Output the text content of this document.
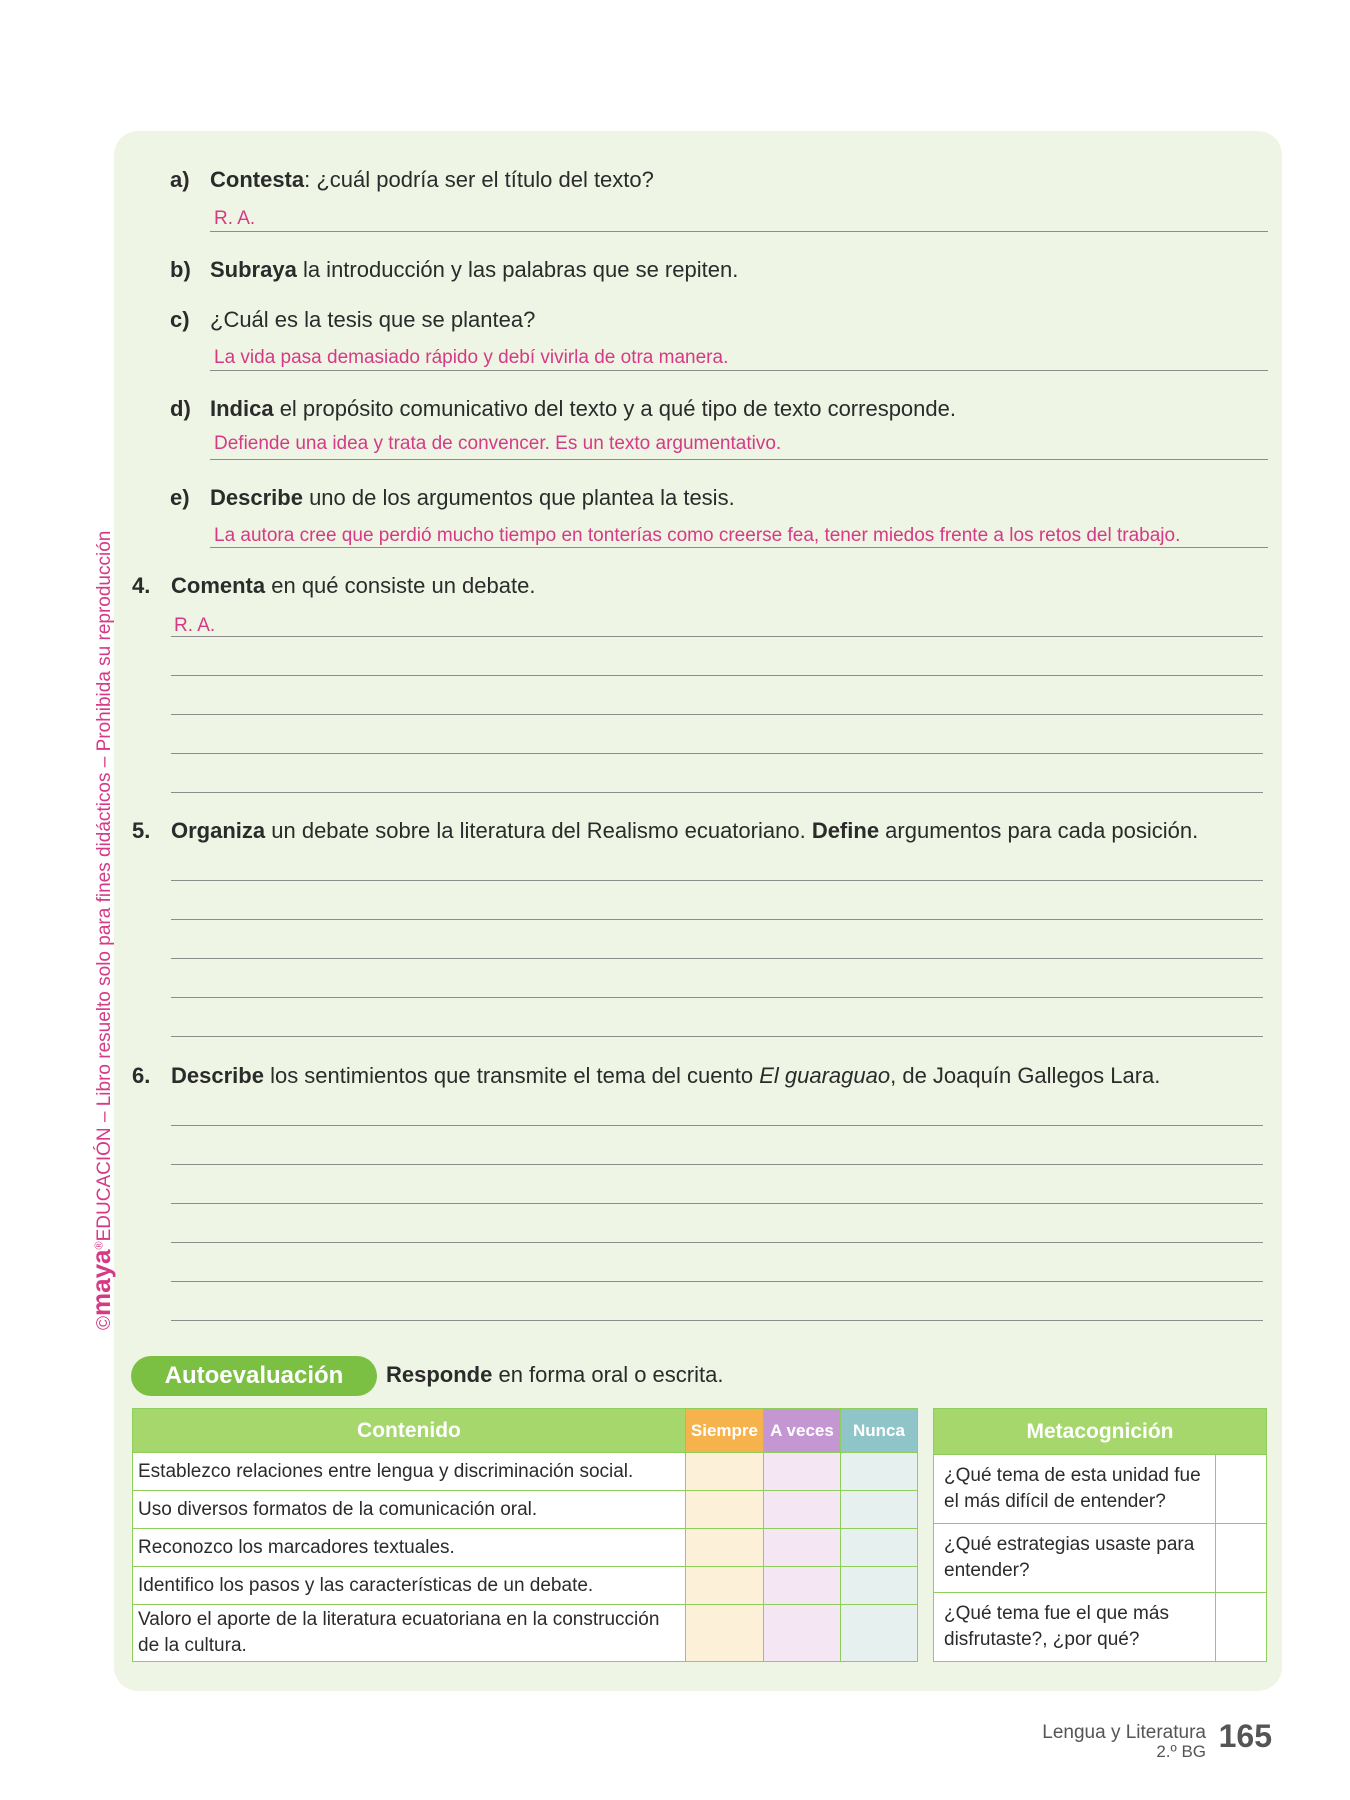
©maya®EDUCACIÓN – Libro resuelto solo para fines didácticos – Prohibida su reproducción
a) Contesta: ¿cuál podría ser el título del texto?
R. A.
b) Subraya la introducción y las palabras que se repiten.
c) ¿Cuál es la tesis que se plantea?
La vida pasa demasiado rápido y debí vivirla de otra manera.
d) Indica el propósito comunicativo del texto y a qué tipo de texto corresponde.
Defiende una idea y trata de convencer. Es un texto argumentativo.
e) Describe uno de los argumentos que plantea la tesis.
La autora cree que perdió mucho tiempo en tonterías como creerse fea, tener miedos frente a los retos del trabajo.
4. Comenta en qué consiste un debate.
R. A.
5. Organiza un debate sobre la literatura del Realismo ecuatoriano. Define argumentos para cada posición.
6. Describe los sentimientos que transmite el tema del cuento El guaraguao, de Joaquín Gallegos Lara.
Autoevaluación	Responde en forma oral o escrita.
Contenido	Siempre	A veces	Nunca
Establezco relaciones entre lengua y discriminación social.			
Uso diversos formatos de la comunicación oral.			
Reconozco los marcadores textuales.			
Identifico los pasos y las características de un debate.			
Valoro el aporte de la literatura ecuatoriana en la construcción de la cultura.			
Metacognición	
¿Qué tema de esta unidad fue el más difícil de entender?	
¿Qué estrategias usaste para entender?	
¿Qué tema fue el que más disfrutaste?, ¿por qué?	
Lengua y Literatura
2.º BG 165
